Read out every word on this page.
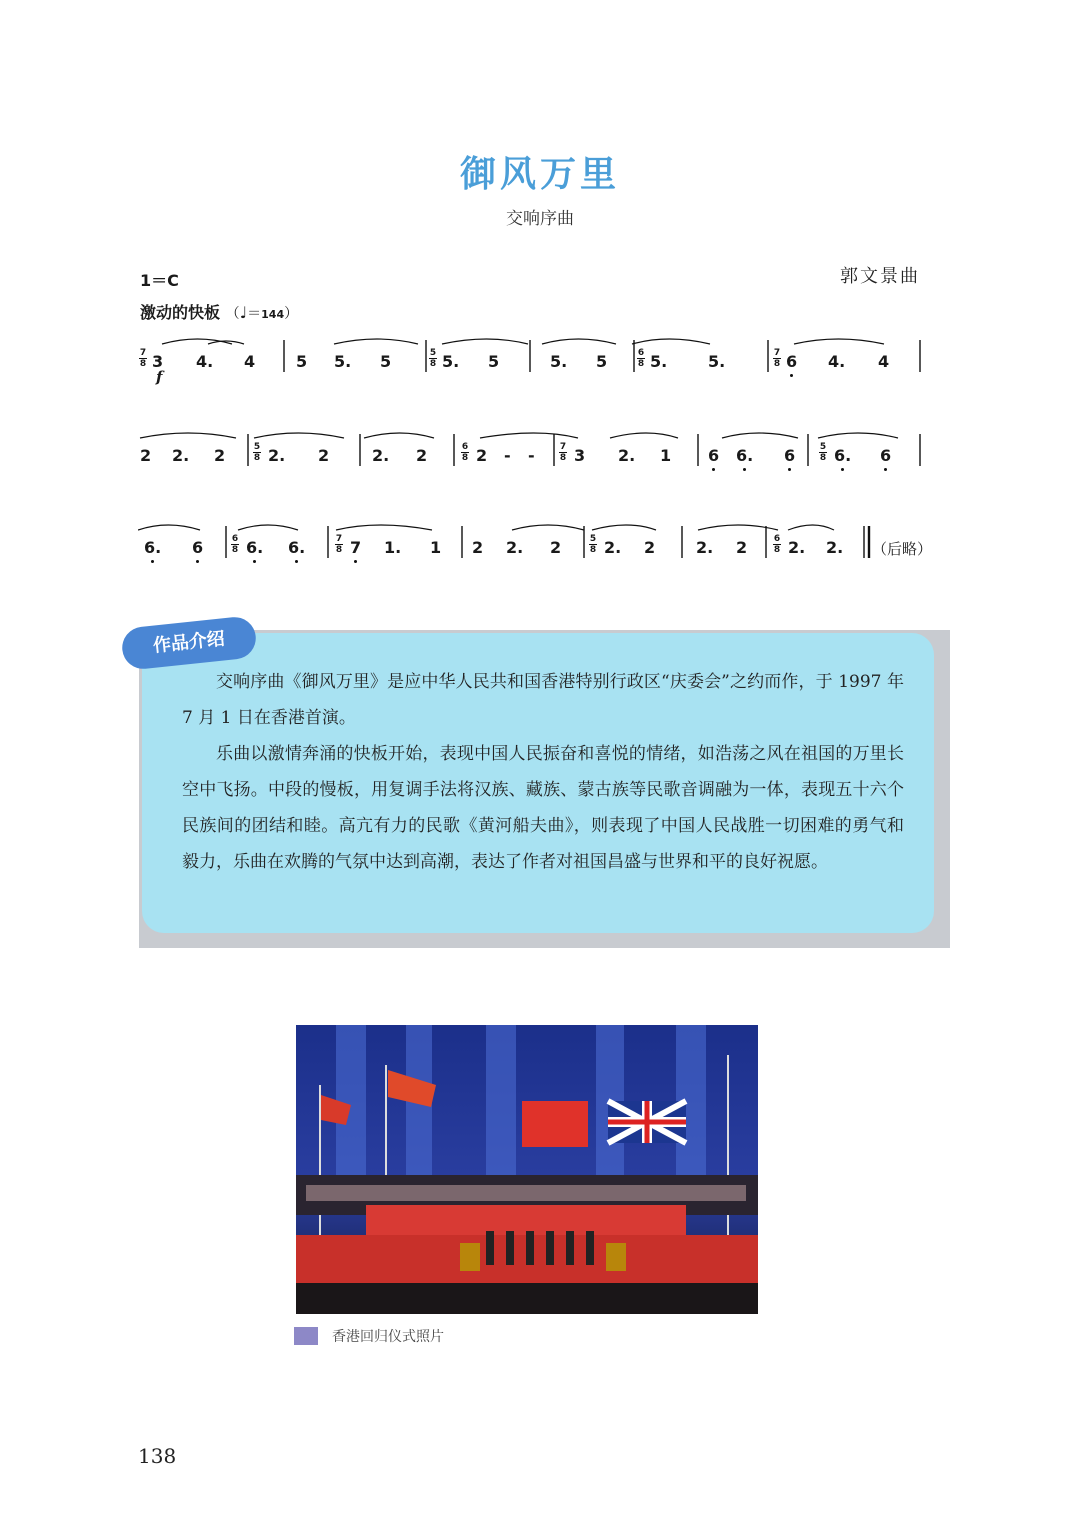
御风万里
交响序曲
1＝C	郭文景曲
激动的快板 （♩＝144）
7
8 3
f
4. 4	5 5. 5	5
8 5. 5	5. 5	6
8 5.	5.	7
8 6 4. 4
2 2. 2	5
8 2. 2	2. 2	6
8 2 - -	7
8 3 2. 1 6 6. 6	5
8 6. 6
6. 6	6
8 6. 6.	7
8 7 1. 1 2 2. 2	5
8 2. 2	2. 2	6
8 2. 2. （后略）
作品介绍

交响序曲《御风万里》是应中华人民共和国香港特别行政区“庆委会”之约而作，于 1997 年 7 月 1 日在香港首演。

乐曲以激情奔涌的快板开始，表现中国人民振奋和喜悦的情绪，如浩荡之风在祖国的万里长空中飞扬。中段的慢板，用复调手法将汉族、藏族、蒙古族等民歌音调融为一体，表现五十六个民族间的团结和睦。高亢有力的民歌《黄河船夫曲》，则表现了中国人民战胜一切困难的勇气和毅力，乐曲在欢腾的气氛中达到高潮，表达了作者对祖国昌盛与世界和平的良好祝愿。

香港回归仪式照片
138
